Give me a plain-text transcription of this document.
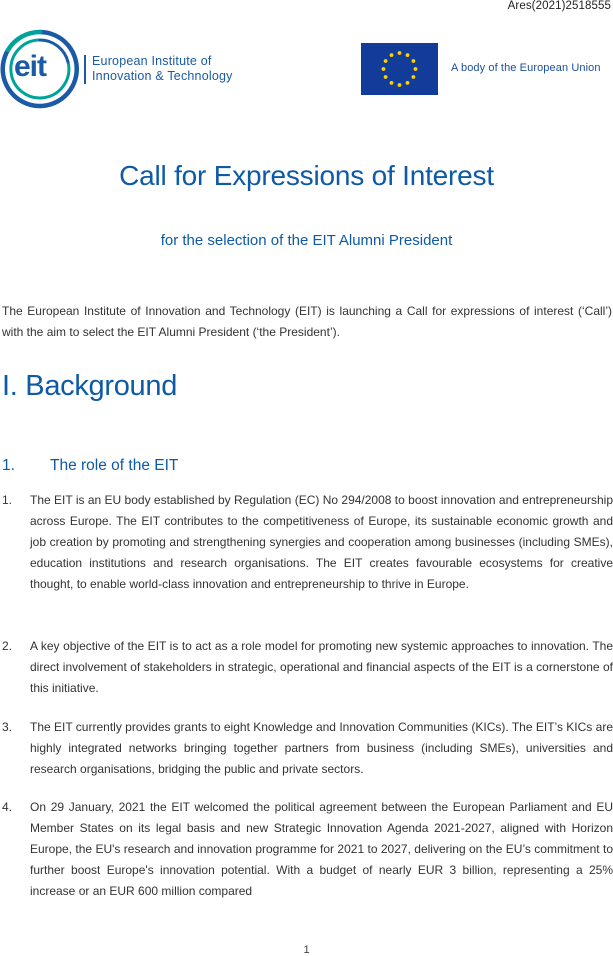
Ares(2021)2518555
eit	European Institute of
Innovation & Technology
A body of the European Union
Call for Expressions of Interest
for the selection of the EIT Alumni President

The European Institute of Innovation and Technology (EIT) is launching a Call for expressions of interest (‘Call’) with the aim to select the EIT Alumni President (‘the President’).

I. Background
1. The role of the EIT
1. The EIT is an EU body established by Regulation (EC) No 294/2008 to boost innovation and entrepreneurship across Europe. The EIT contributes to the competitiveness of Europe, its sustainable economic growth and job creation by promoting and strengthening synergies and cooperation among businesses (including SMEs), education institutions and research organisations. The EIT creates favourable ecosystems for creative thought, to enable world-class innovation and entrepreneurship to thrive in Europe.
2. A key objective of the EIT is to act as a role model for promoting new systemic approaches to innovation. The direct involvement of stakeholders in strategic, operational and financial aspects of the EIT is a cornerstone of this initiative.
3. The EIT currently provides grants to eight Knowledge and Innovation Communities (KICs). The EIT’s KICs are highly integrated networks bringing together partners from business (including SMEs), universities and research organisations, bridging the public and private sectors.
4. On 29 January, 2021 the EIT welcomed the political agreement between the European Parliament and EU Member States on its legal basis and new Strategic Innovation Agenda 2021-2027, aligned with Horizon Europe, the EU's research and innovation programme for 2021 to 2027, delivering on the EU’s commitment to further boost Europe's innovation potential. With a budget of nearly EUR 3 billion, representing a 25% increase or an EUR 600 million compared
1
